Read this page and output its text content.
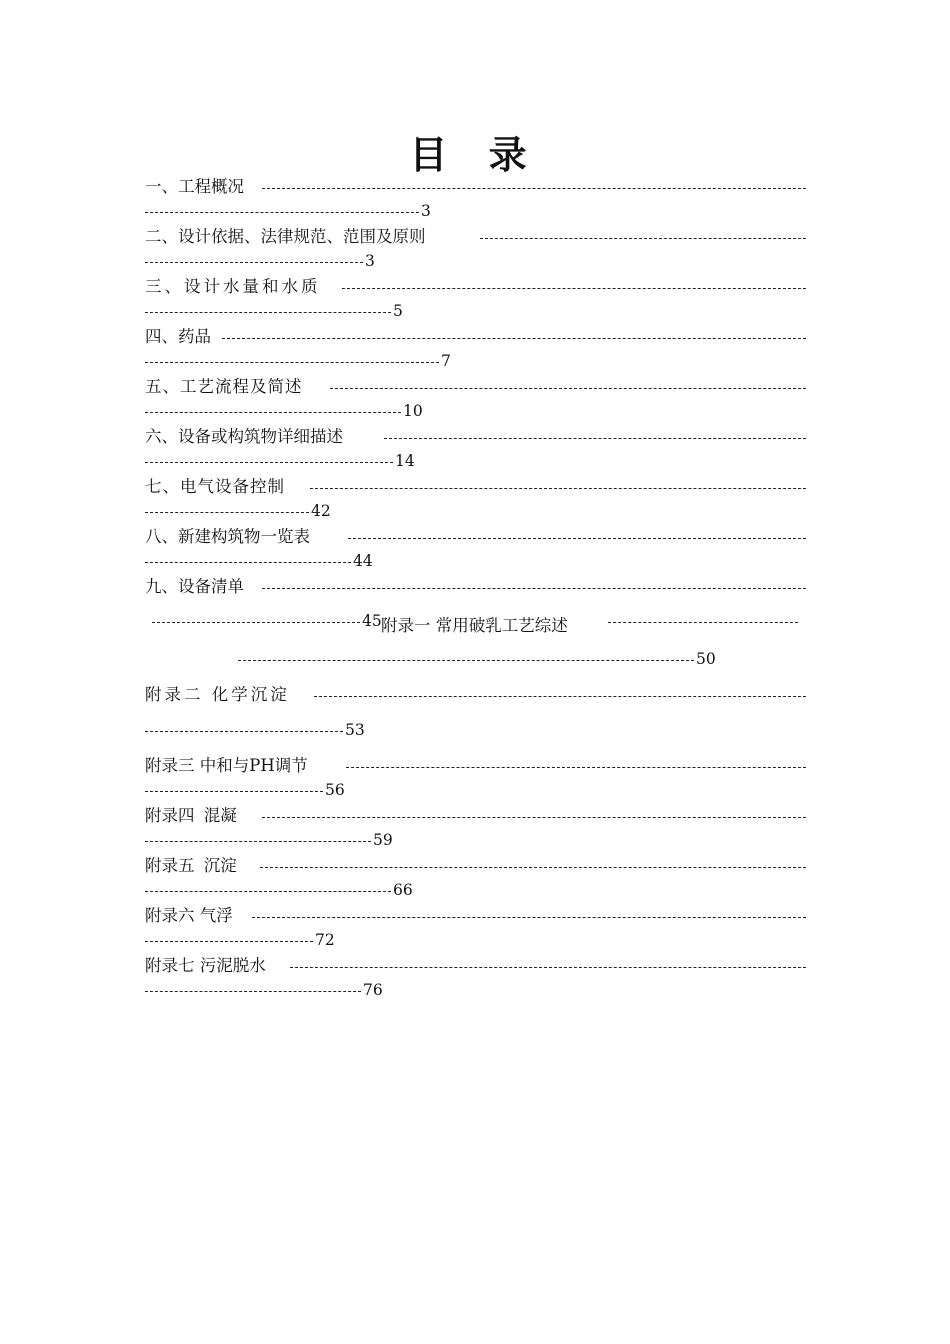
目 录
一、工程概况
3
二、设计依据、法律规范、范围及原则
3
三、设计水量和水质
5
四、药品
7
五、工艺流程及简述
10
六、设备或构筑物详细描述
14
七、电气设备控制
42
八、新建构筑物一览表
44
九、设备清单
45 附录一 常用破乳工艺综述
50
附录二 化学沉淀
53
附录三 中和与PH调节
56
附录四 混凝
59
附录五 沉淀
66
附录六 气浮
72
附录七 污泥脱水
76
